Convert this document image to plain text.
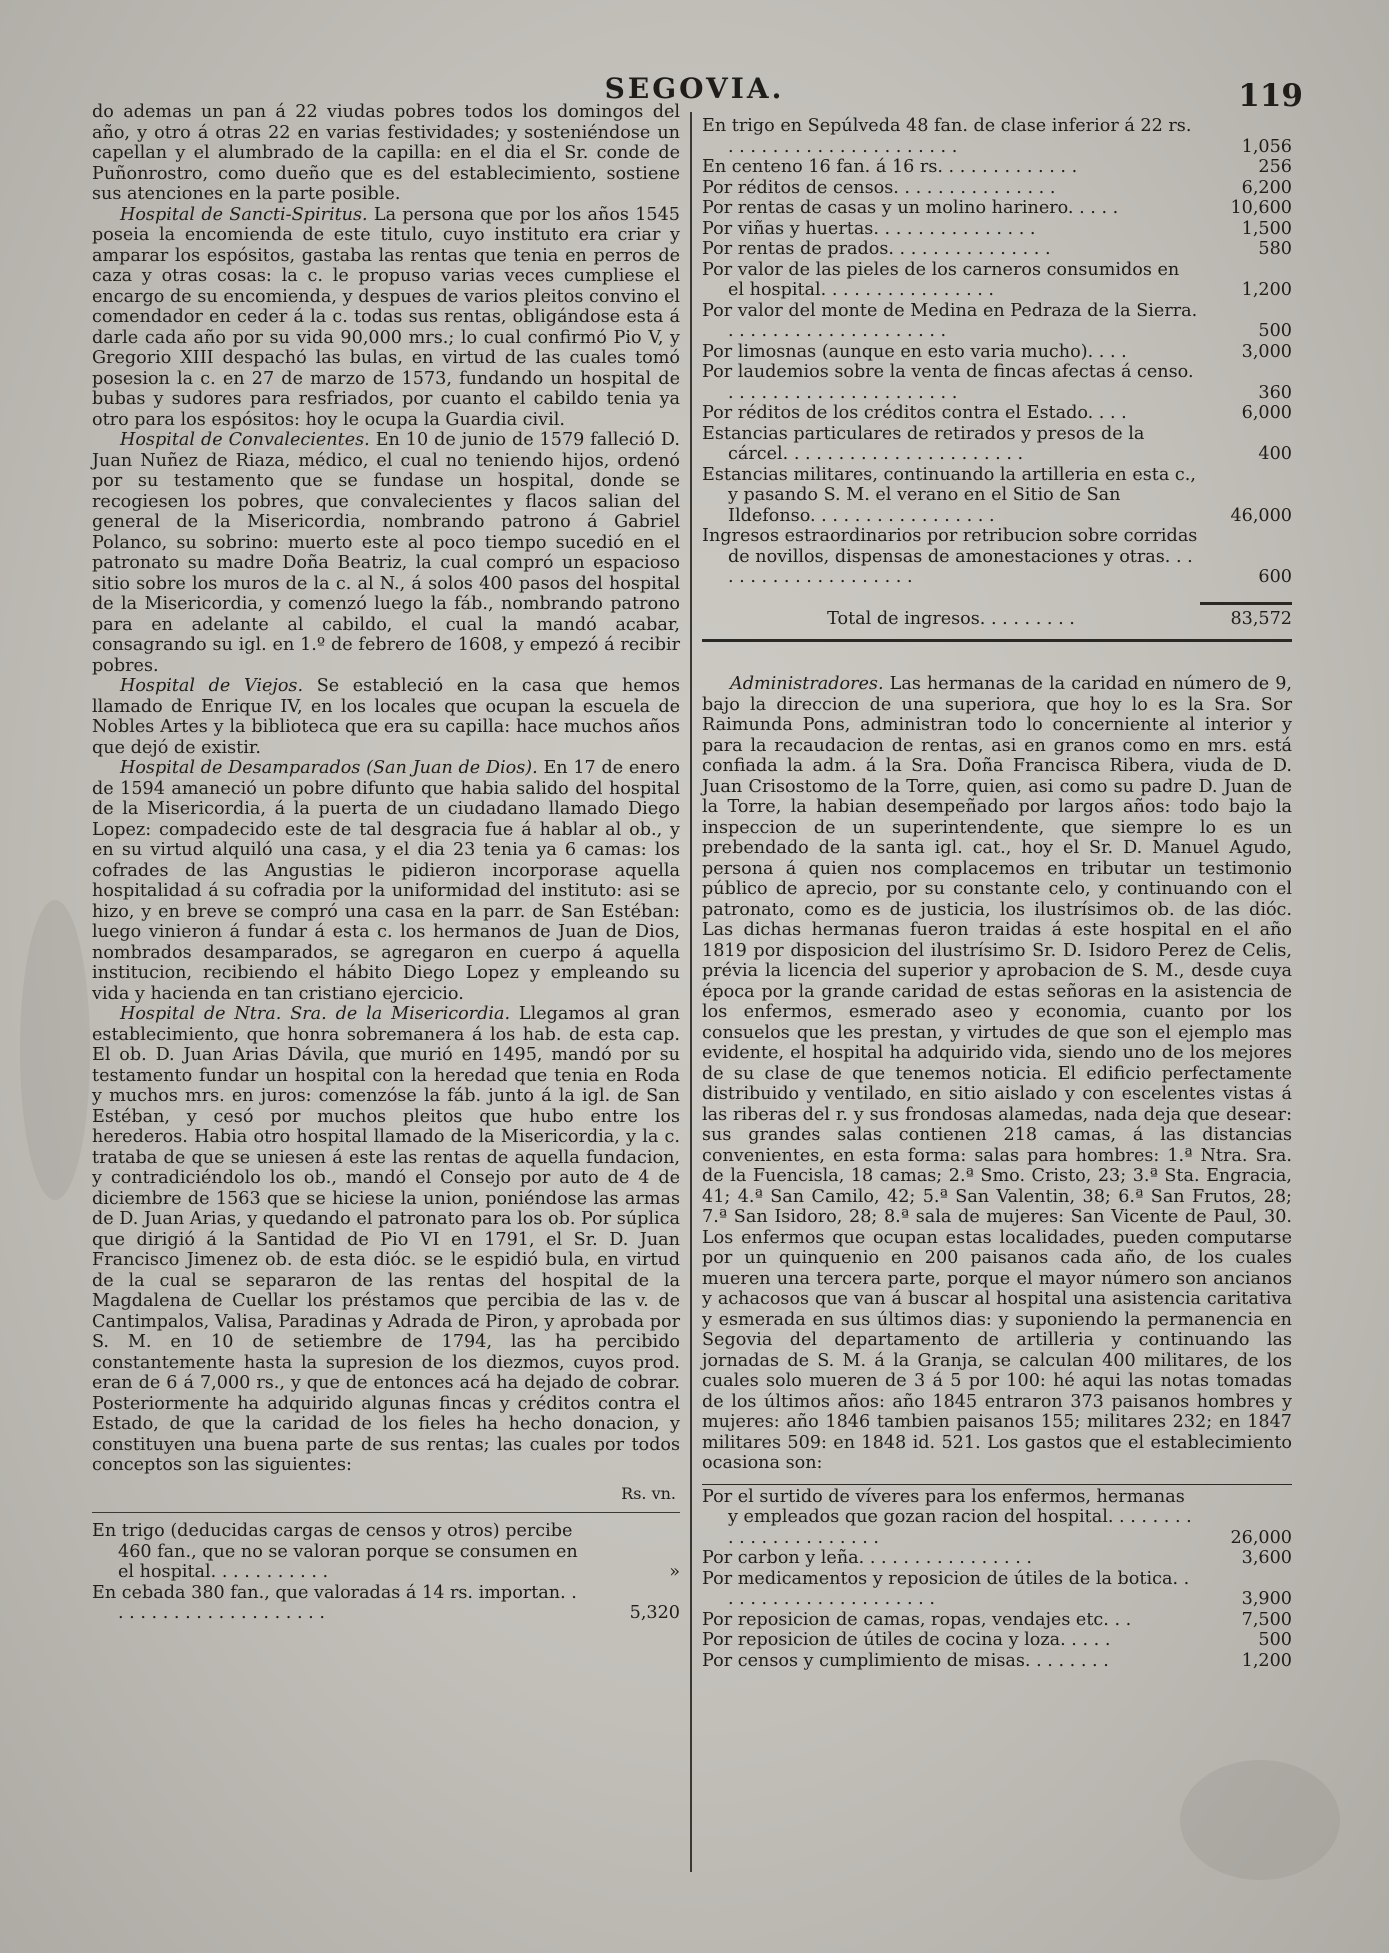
SEGOVIA.	119

do ademas un pan á 22 viudas pobres todos los domingos del año, y otro á otras 22 en varias festividades; y sosteniéndose un capellan y el alumbrado de la capilla: en el dia el Sr. conde de Puñonrostro, como dueño que es del establecimiento, sostiene sus atenciones en la parte posible.

Hospital de Sancti-Spiritus. La persona que por los años 1545 poseia la encomienda de este titulo, cuyo instituto era criar y amparar los espósitos, gastaba las rentas que tenia en perros de caza y otras cosas: la c. le propuso varias veces cumpliese el encargo de su encomienda, y despues de varios pleitos convino el comendador en ceder á la c. todas sus rentas, obligándose esta á darle cada año por su vida 90,000 mrs.; lo cual confirmó Pio V, y Gregorio XIII despachó las bulas, en virtud de las cuales tomó posesion la c. en 27 de marzo de 1573, fundando un hospital de bubas y sudores para resfriados, por cuanto el cabildo tenia ya otro para los espósitos: hoy le ocupa la Guardia civil.

Hospital de Convalecientes. En 10 de junio de 1579 falleció D. Juan Nuñez de Riaza, médico, el cual no teniendo hijos, ordenó por su testamento que se fundase un hospital, donde se recogiesen los pobres, que convalecientes y flacos salian del general de la Misericordia, nombrando patrono á Gabriel Polanco, su sobrino: muerto este al poco tiempo sucedió en el patronato su madre Doña Beatriz, la cual compró un espacioso sitio sobre los muros de la c. al N., á solos 400 pasos del hospital de la Misericordia, y comenzó luego la fáb., nombrando patrono para en adelante al cabildo, el cual la mandó acabar, consagrando su igl. en 1.º de febrero de 1608, y empezó á recibir pobres.

Hospital de Viejos. Se estableció en la casa que hemos llamado de Enrique IV, en los locales que ocupan la escuela de Nobles Artes y la biblioteca que era su capilla: hace muchos años que dejó de existir.

Hospital de Desamparados (San Juan de Dios). En 17 de enero de 1594 amaneció un pobre difunto que habia salido del hospital de la Misericordia, á la puerta de un ciudadano llamado Diego Lopez: compadecido este de tal desgracia fue á hablar al ob., y en su virtud alquiló una casa, y el dia 23 tenia ya 6 camas: los cofrades de las Angustias le pidieron incorporase aquella hospitalidad á su cofradia por la uniformidad del instituto: asi se hizo, y en breve se compró una casa en la parr. de San Estéban: luego vinieron á fundar á esta c. los hermanos de Juan de Dios, nombrados desamparados, se agregaron en cuerpo á aquella institucion, recibiendo el hábito Diego Lopez y empleando su vida y hacienda en tan cristiano ejercicio.

Hospital de Ntra. Sra. de la Misericordia. Llegamos al gran establecimiento, que honra sobremanera á los hab. de esta cap. El ob. D. Juan Arias Dávila, que murió en 1495, mandó por su testamento fundar un hospital con la heredad que tenia en Roda y muchos mrs. en juros: comenzóse la fáb. junto á la igl. de San Estéban, y cesó por muchos pleitos que hubo entre los herederos. Habia otro hospital llamado de la Misericordia, y la c. trataba de que se uniesen á este las rentas de aquella fundacion, y contradiciéndolo los ob., mandó el Consejo por auto de 4 de diciembre de 1563 que se hiciese la union, poniéndose las armas de D. Juan Arias, y quedando el patronato para los ob. Por súplica que dirigió á la Santidad de Pio VI en 1791, el Sr. D. Juan Francisco Jimenez ob. de esta dióc. se le espidió bula, en virtud de la cual se separaron de las rentas del hospital de la Magdalena de Cuellar los préstamos que percibia de las v. de Cantimpalos, Valisa, Paradinas y Adrada de Piron, y aprobada por S. M. en 10 de setiembre de 1794, las ha percibido constantemente hasta la supresion de los diezmos, cuyos prod. eran de 6 á 7,000 rs., y que de entonces acá ha dejado de cobrar. Posteriormente ha adquirido algunas fincas y créditos contra el Estado, de que la caridad de los fieles ha hecho donacion, y constituyen una buena parte de sus rentas; las cuales por todos conceptos son las siguientes:

Rs. vn.
En trigo (deducidas cargas de censos y otros) percibe 460 fan., que no se valoran porque se consumen en el hospital. . . . . . . . . . .	»
En cebada 380 fan., que valoradas á 14 rs. importan. . . . . . . . . . . . . . . . . . . . .	5,320
En trigo en Sepúlveda 48 fan. de clase inferior á 22 rs. . . . . . . . . . . . . . . . . . . . . .	1,056
En centeno 16 fan. á 16 rs. . . . . . . . . . . . .	256
Por réditos de censos. . . . . . . . . . . . . . .	6,200
Por rentas de casas y un molino harinero. . . . .	10,600
Por viñas y huertas. . . . . . . . . . . . . . .	1,500
Por rentas de prados. . . . . . . . . . . . . . .	580
Por valor de las pieles de los carneros consumidos en el hospital. . . . . . . . . . . . . . . .	1,200
Por valor del monte de Medina en Pedraza de la Sierra. . . . . . . . . . . . . . . . . . . . .	500
Por limosnas (aunque en esto varia mucho). . . .	3,000
Por laudemios sobre la venta de fincas afectas á censo. . . . . . . . . . . . . . . . . . . . . .	360
Por réditos de los créditos contra el Estado. . . .	6,000
Estancias particulares de retirados y presos de la cárcel. . . . . . . . . . . . . . . . . . . . . .	400
Estancias militares, continuando la artilleria en esta c., y pasando S. M. el verano en el Sitio de San Ildefonso. . . . . . . . . . . . . . . . .	46,000
Ingresos estraordinarios por retribucion sobre corridas de novillos, dispensas de amonestaciones y otras. . . . . . . . . . . . . . . . . . . .	600
Total de ingresos. . . . . . . . .	83,572

Administradores. Las hermanas de la caridad en número de 9, bajo la direccion de una superiora, que hoy lo es la Sra. Sor Raimunda Pons, administran todo lo concerniente al interior y para la recaudacion de rentas, asi en granos como en mrs. está confiada la adm. á la Sra. Doña Francisca Ribera, viuda de D. Juan Crisostomo de la Torre, quien, asi como su padre D. Juan de la Torre, la habian desempeñado por largos años: todo bajo la inspeccion de un superintendente, que siempre lo es un prebendado de la santa igl. cat., hoy el Sr. D. Manuel Agudo, persona á quien nos complacemos en tributar un testimonio público de aprecio, por su constante celo, y continuando con el patronato, como es de justicia, los ilustrísimos ob. de las dióc. Las dichas hermanas fueron traidas á este hospital en el año 1819 por disposicion del ilustrísimo Sr. D. Isidoro Perez de Celis, prévia la licencia del superior y aprobacion de S. M., desde cuya época por la grande caridad de estas señoras en la asistencia de los enfermos, esmerado aseo y economia, cuanto por los consuelos que les prestan, y virtudes de que son el ejemplo mas evidente, el hospital ha adquirido vida, siendo uno de los mejores de su clase de que tenemos noticia. El edificio perfectamente distribuido y ventilado, en sitio aislado y con escelentes vistas á las riberas del r. y sus frondosas alamedas, nada deja que desear: sus grandes salas contienen 218 camas, á las distancias convenientes, en esta forma: salas para hombres: 1.ª Ntra. Sra. de la Fuencisla, 18 camas; 2.ª Smo. Cristo, 23; 3.ª Sta. Engracia, 41; 4.ª San Camilo, 42; 5.ª San Valentin, 38; 6.ª San Frutos, 28; 7.ª San Isidoro, 28; 8.ª sala de mujeres: San Vicente de Paul, 30. Los enfermos que ocupan estas localidades, pueden computarse por un quinquenio en 200 paisanos cada año, de los cuales mueren una tercera parte, porque el mayor número son ancianos y achacosos que van á buscar al hospital una asistencia caritativa y esmerada en sus últimos dias: y suponiendo la permanencia en Segovia del departamento de artilleria y continuando las jornadas de S. M. á la Granja, se calculan 400 militares, de los cuales solo mueren de 3 á 5 por 100: hé aqui las notas tomadas de los últimos años: año 1845 entraron 373 paisanos hombres y mujeres: año 1846 tambien paisanos 155; militares 232; en 1847 militares 509: en 1848 id. 521. Los gastos que el establecimiento ocasiona son:

Por el surtido de víveres para los enfermos, hermanas y empleados que gozan racion del hospital. . . . . . . . . . . . . . . . . . . . . .	26,000
Por carbon y leña. . . . . . . . . . . . . . . .	3,600
Por medicamentos y reposicion de útiles de la botica. . . . . . . . . . . . . . . . . . . . .	3,900
Por reposicion de camas, ropas, vendajes etc. . .	7,500
Por reposicion de útiles de cocina y loza. . . . .	500
Por censos y cumplimiento de misas. . . . . . . .	1,200
